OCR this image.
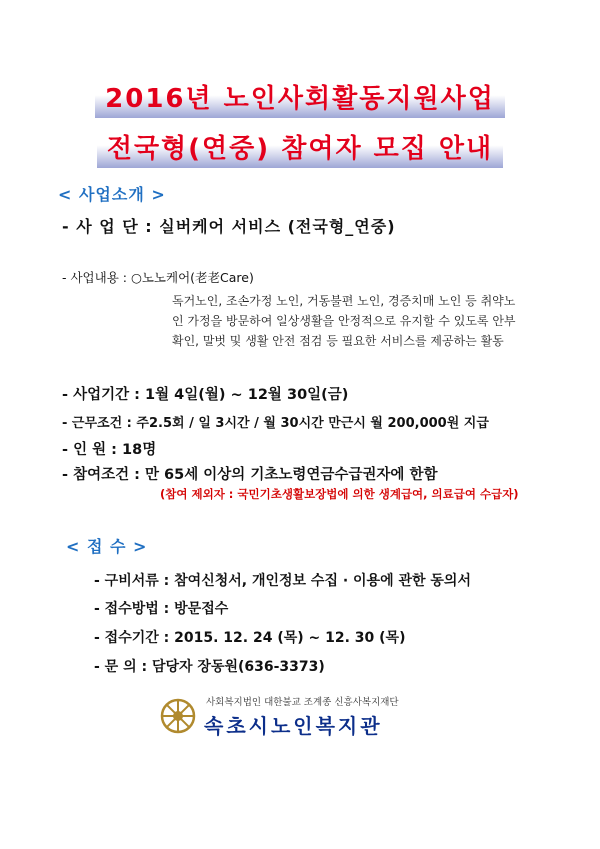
2016년 노인사회활동지원사업
전국형(연중) 참여자 모집 안내
< 사업소개 >
- 사 업 단 : 실버케어 서비스 (전국형_연중)
- 사업내용 : ○노노케어(老老Care)
독거노인, 조손가정 노인, 거동불편 노인, 경증치매 노인 등 취약노인 가정을 방문하여 일상생활을 안정적으로 유지할 수 있도록 안부확인, 말벗 및 생활 안전 점검 등 필요한 서비스를 제공하는 활동
- 사업기간 : 1월 4일(월) ~ 12월 30일(금)
- 근무조건 : 주2.5회 / 일 3시간 / 월 30시간 만근시 월 200,000원 지급
- 인 원 : 18명
- 참여조건 : 만 65세 이상의 기초노령연금수급권자에 한함
(참여 제외자 : 국민기초생활보장법에 의한 생계급여, 의료급여 수급자)
< 접 수 >
- 구비서류 : 참여신청서, 개인정보 수집 · 이용에 관한 동의서
- 접수방법 : 방문접수
- 접수기간 : 2015. 12. 24 (목) ~ 12. 30 (목)
- 문 의 : 담당자 장동원(636-3373)
사회복지법인 대한불교 조계종 신흥사복지재단
속초시노인복지관
